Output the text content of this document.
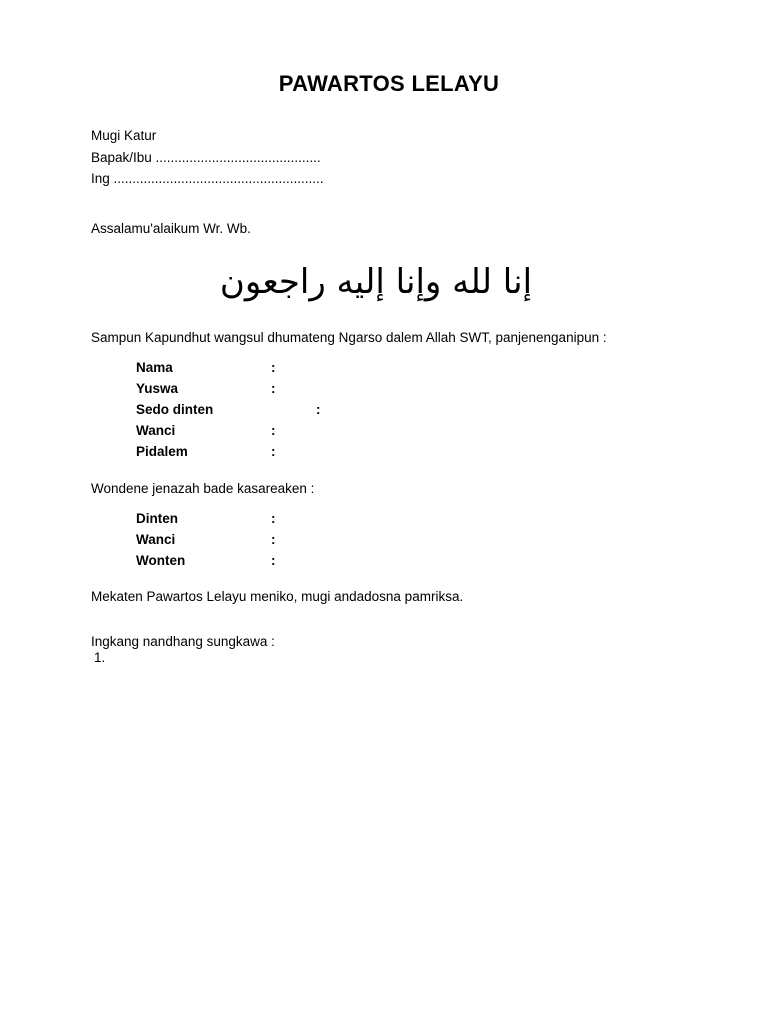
PAWARTOS LELAYU
Mugi Katur
Bapak/Ibu ............................................
Ing ........................................................
Assalamu'alaikum Wr. Wb.
إنا لله وإنا إليه راجعون
Sampun Kapundhut wangsul dhumateng Ngarso dalem Allah SWT, panjenenganipun :
Nama	:
Yuswa	:
Sedo dinten	:
Wanci	:
Pidalem	:
Wondene jenazah bade kasareaken :
Dinten	:
Wanci	:
Wonten	:
Mekaten Pawartos Lelayu meniko, mugi andadosna pamriksa.
Ingkang nandhang sungkawa :
1.
